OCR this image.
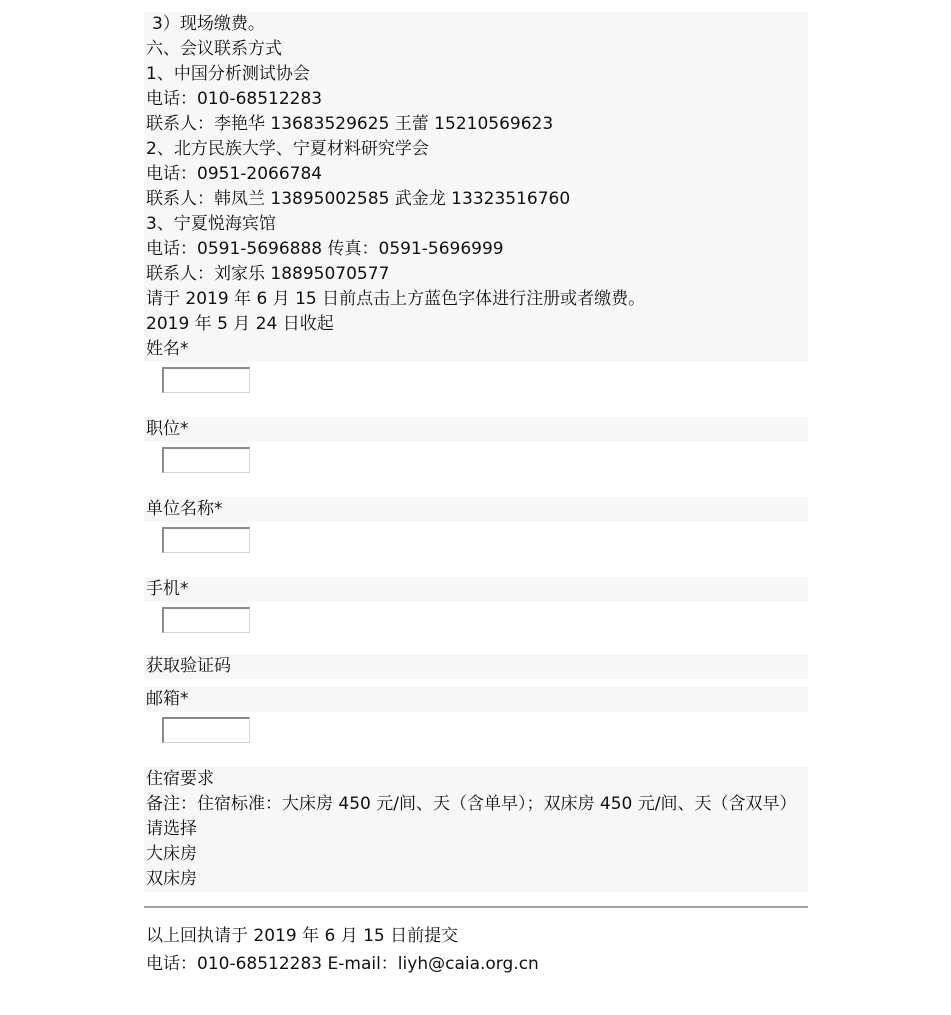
3）现场缴费。
六、会议联系方式
1、中国分析测试协会
电话：010-68512283
联系人：李艳华 13683529625 王蕾 15210569623
2、北方民族大学、宁夏材料研究学会
电话：0951-2066784
联系人：韩凤兰 13895002585 武金龙 13323516760
3、宁夏悦海宾馆
电话：0591-5696888 传真：0591-5696999
联系人：刘家乐 18895070577
请于 2019 年 6 月 15 日前点击上方蓝色字体进行注册或者缴费。
2019 年 5 月 24 日收起
姓名*
职位*
单位名称*
手机*
获取验证码
邮箱*
住宿要求
备注：住宿标准：大床房 450 元/间、天（含单早）；双床房 450 元/间、天（含双早）
请选择
大床房
双床房
以上回执请于 2019 年 6 月 15 日前提交
电话：010-68512283 E-mail：liyh@caia.org.cn
